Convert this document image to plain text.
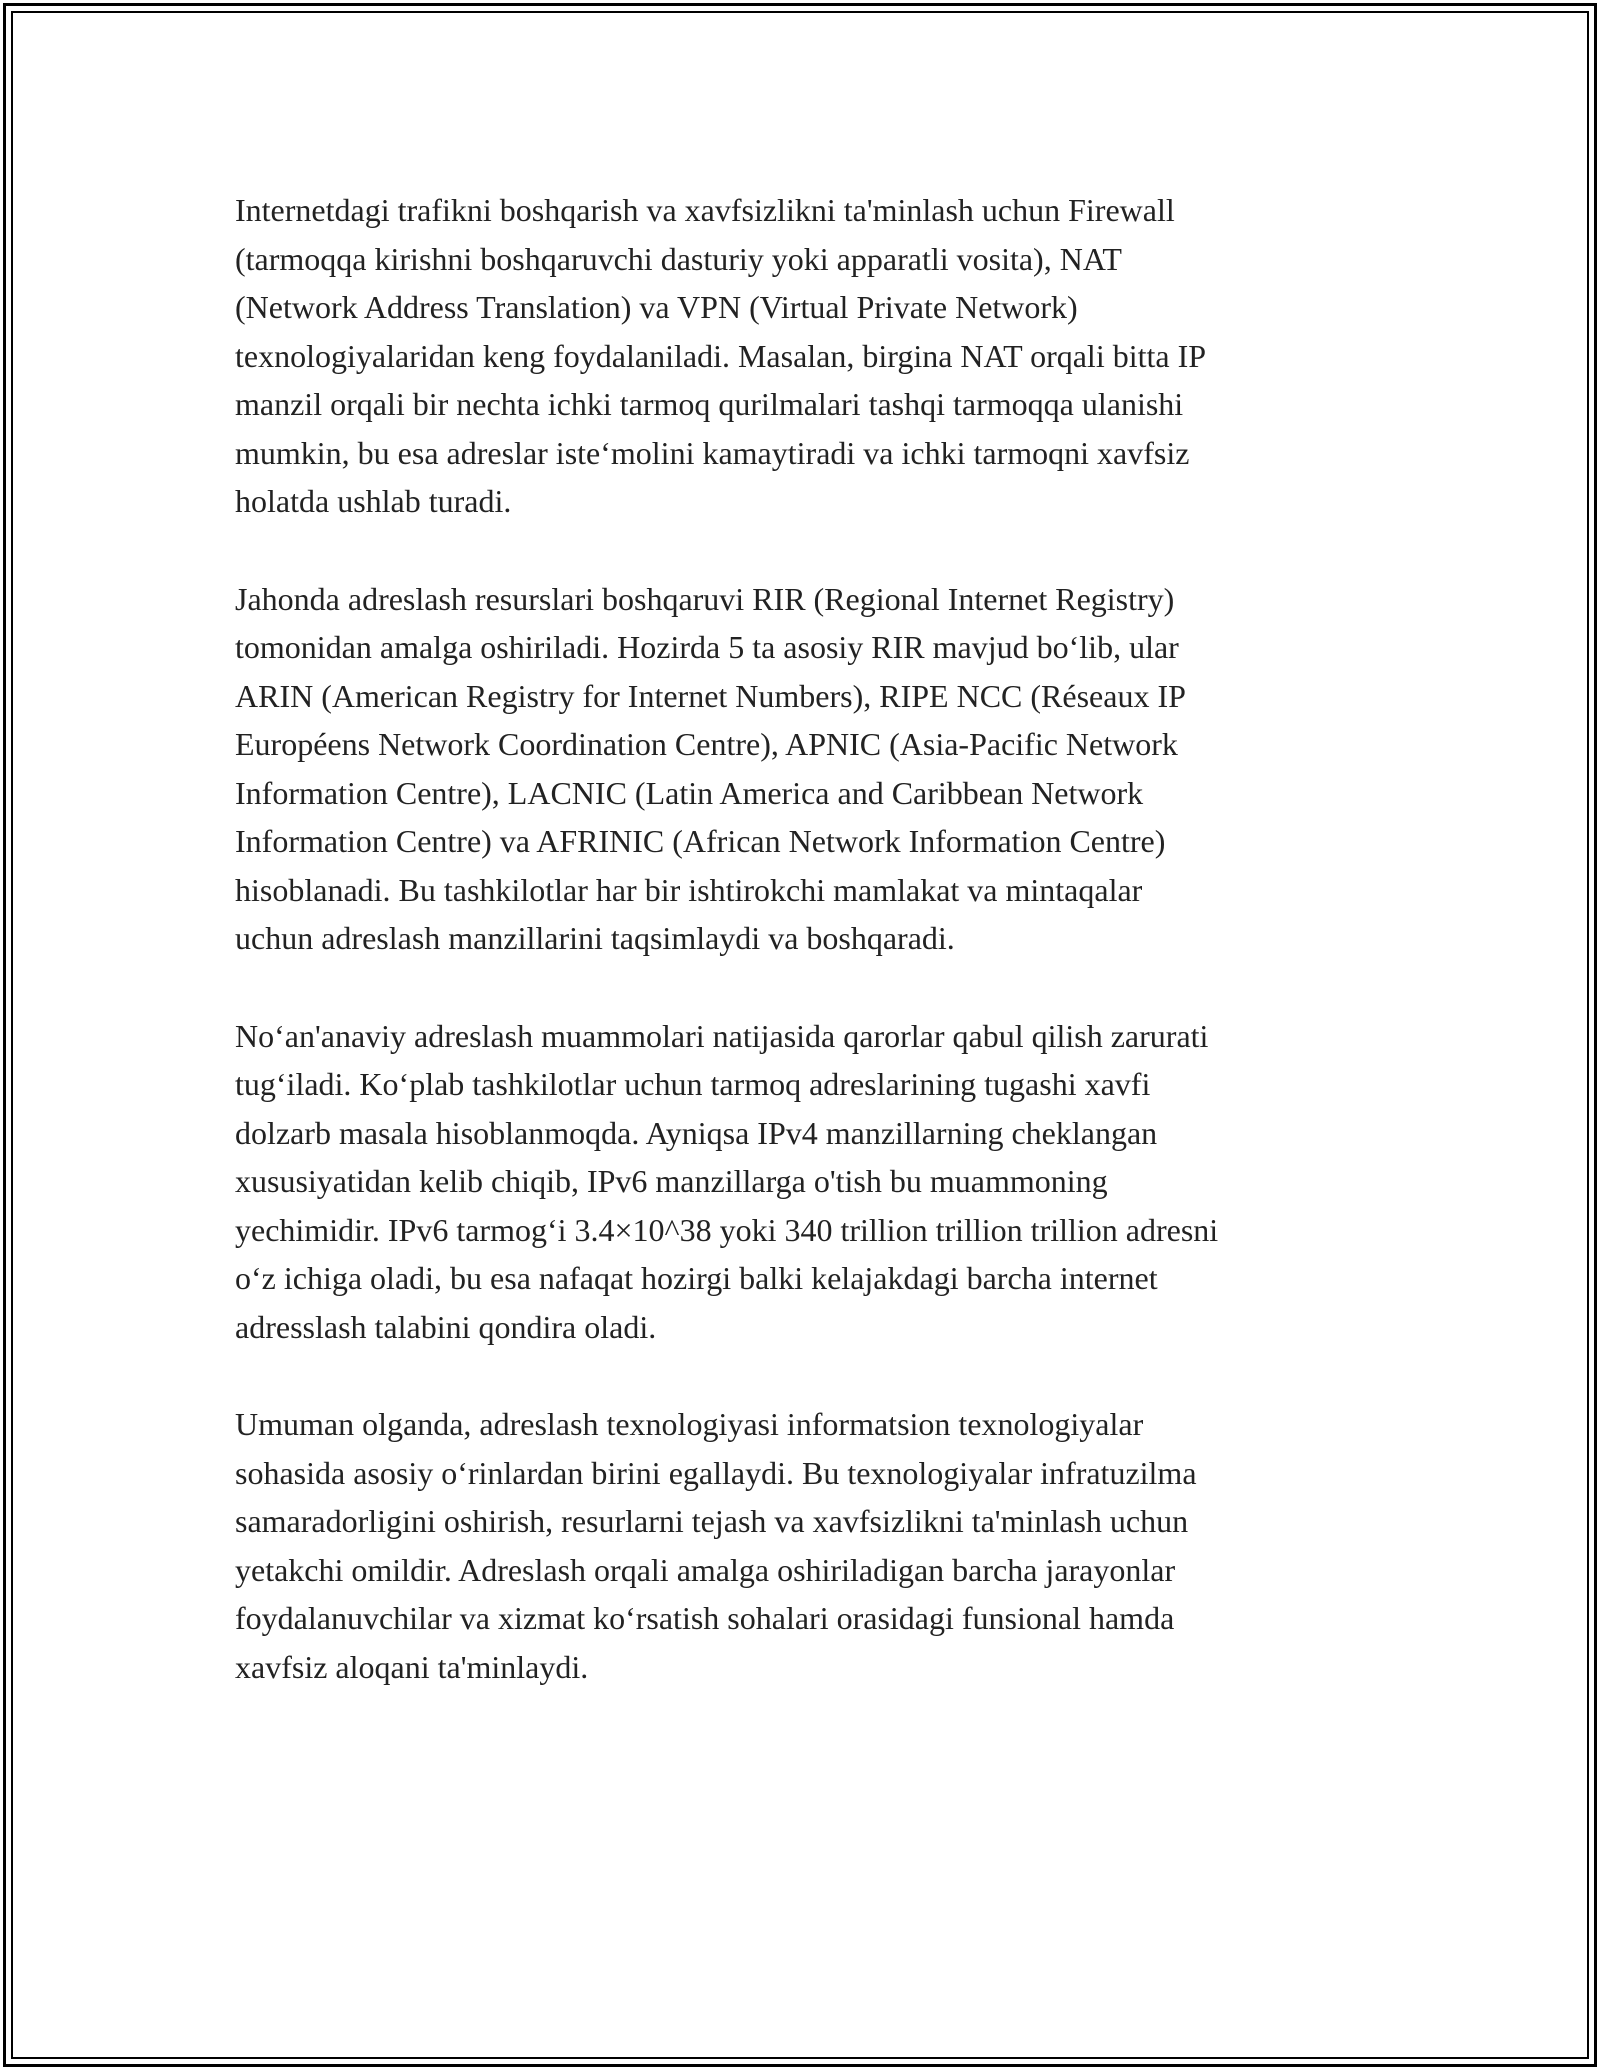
Internetdagi trafikni boshqarish va xavfsizlikni ta'minlash uchun Firewall
(tarmoqqa kirishni boshqaruvchi dasturiy yoki apparatli vosita), NAT
(Network Address Translation) va VPN (Virtual Private Network)
texnologiyalaridan keng foydalaniladi. Masalan, birgina NAT orqali bitta IP
manzil orqali bir nechta ichki tarmoq qurilmalari tashqi tarmoqqa ulanishi
mumkin, bu esa adreslar iste‘molini kamaytiradi va ichki tarmoqni xavfsiz
holatda ushlab turadi.

Jahonda adreslash resurslari boshqaruvi RIR (Regional Internet Registry)
tomonidan amalga oshiriladi. Hozirda 5 ta asosiy RIR mavjud bo‘lib, ular
ARIN (American Registry for Internet Numbers), RIPE NCC (Réseaux IP
Européens Network Coordination Centre), APNIC (Asia-Pacific Network
Information Centre), LACNIC (Latin America and Caribbean Network
Information Centre) va AFRINIC (African Network Information Centre)
hisoblanadi. Bu tashkilotlar har bir ishtirokchi mamlakat va mintaqalar
uchun adreslash manzillarini taqsimlaydi va boshqaradi.

No‘an'anaviy adreslash muammolari natijasida qarorlar qabul qilish zarurati
tug‘iladi. Ko‘plab tashkilotlar uchun tarmoq adreslarining tugashi xavfi
dolzarb masala hisoblanmoqda. Ayniqsa IPv4 manzillarning cheklangan
xususiyatidan kelib chiqib, IPv6 manzillarga o'tish bu muammoning
yechimidir. IPv6 tarmog‘i 3.4×10^38 yoki 340 trillion trillion trillion adresni
o‘z ichiga oladi, bu esa nafaqat hozirgi balki kelajakdagi barcha internet
adresslash talabini qondira oladi.

Umuman olganda, adreslash texnologiyasi informatsion texnologiyalar
sohasida asosiy o‘rinlardan birini egallaydi. Bu texnologiyalar infratuzilma
samaradorligini oshirish, resurlarni tejash va xavfsizlikni ta'minlash uchun
yetakchi omildir. Adreslash orqali amalga oshiriladigan barcha jarayonlar
foydalanuvchilar va xizmat ko‘rsatish sohalari orasidagi funsional hamda
xavfsiz aloqani ta'minlaydi.
